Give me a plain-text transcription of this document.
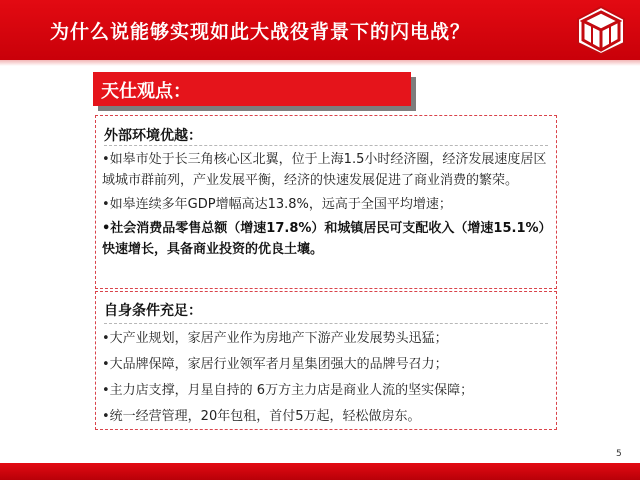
为什么说能够实现如此大战役背景下的闪电战？
天仕观点：
外部环境优越：
•如皋市处于长三角核心区北翼，位于上海1.5小时经济圈，经济发展速度居区域城市群前列，产业发展平衡，经济的快速发展促进了商业消费的繁荣。
•如皋连续多年GDP增幅高达13.8%，远高于全国平均增速；
•社会消费品零售总额（增速17.8%）和城镇居民可支配收入（增速15.1%）快速增长，具备商业投资的优良土壤。
自身条件充足：
•大产业规划，家居产业作为房地产下游产业发展势头迅猛；
•大品牌保障，家居行业领军者月星集团强大的品牌号召力；
•主力店支撑，月星自持的 6万方主力店是商业人流的坚实保障；
•统一经营管理，20年包租，首付5万起，轻松做房东。
5
